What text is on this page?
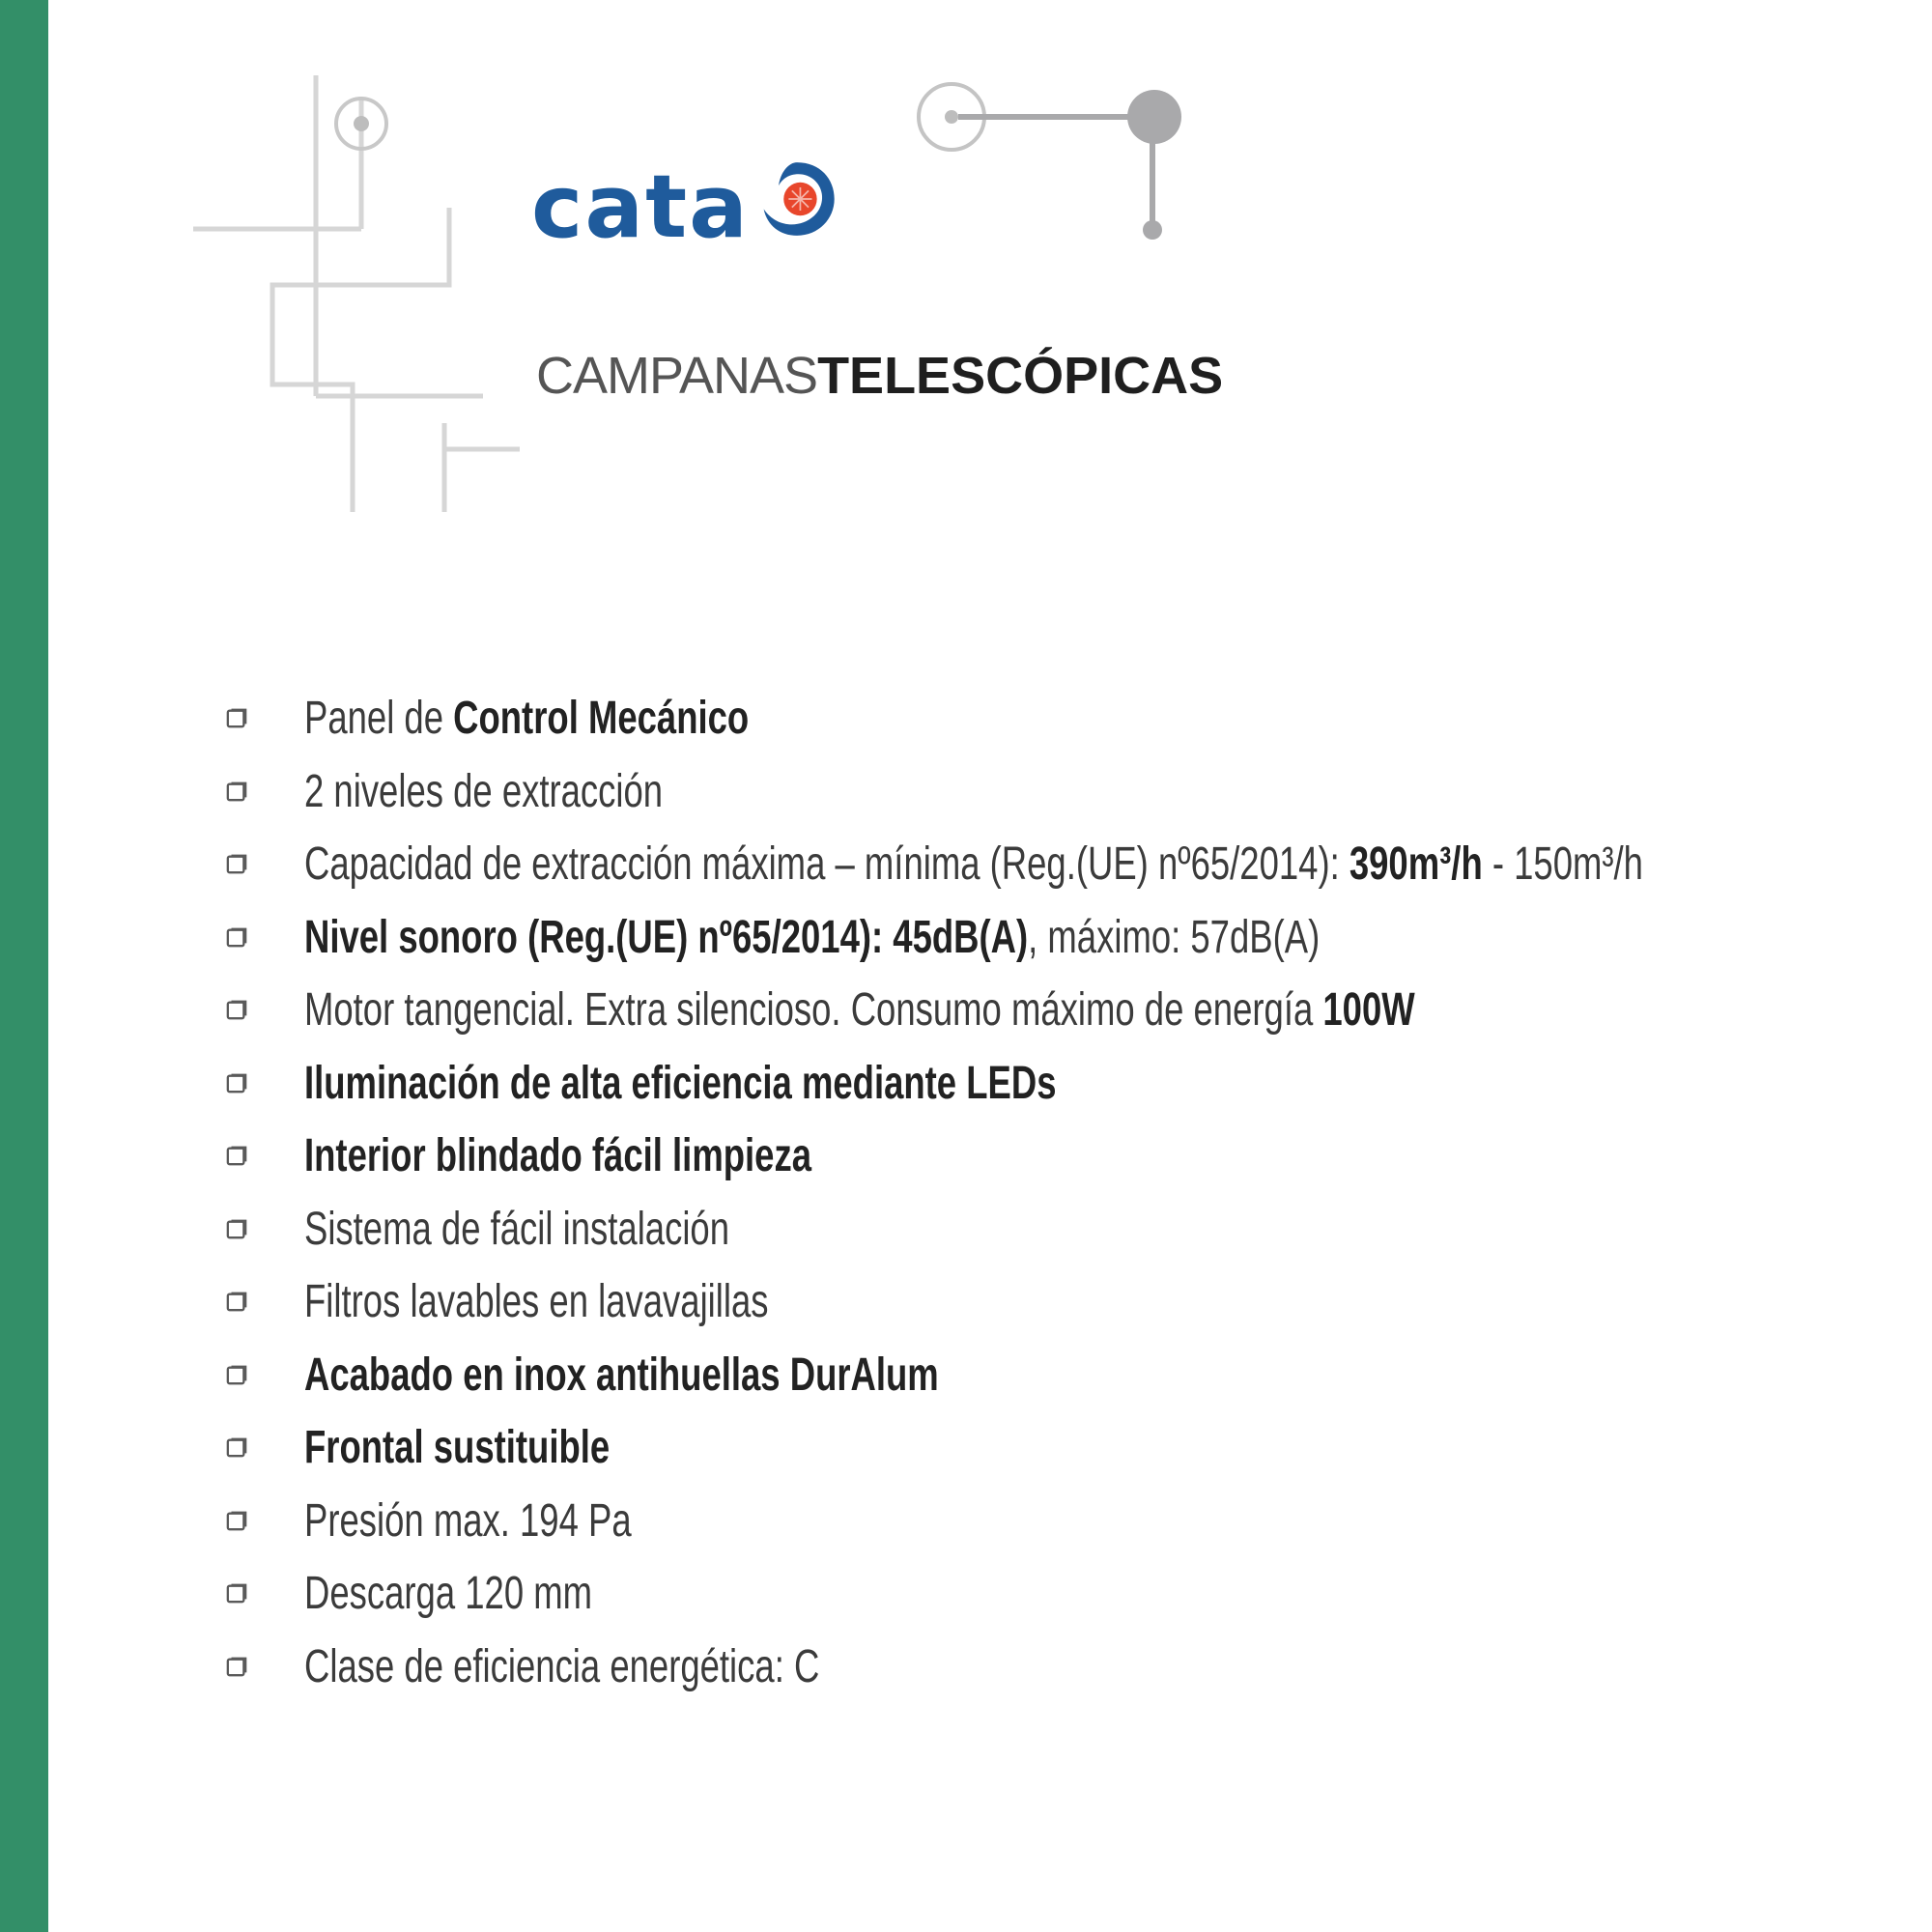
cata
CAMPANASTELESCÓPICAS
Panel de Control Mecánico
2 niveles de extracción
Capacidad de extracción máxima – mínima (Reg.(UE) nº65/2014): 390m³/h - 150m³/h
Nivel sonoro (Reg.(UE) nº65/2014): 45dB(A), máximo: 57dB(A)
Motor tangencial. Extra silencioso. Consumo máximo de energía 100W
Iluminación de alta eficiencia mediante LEDs
Interior blindado fácil limpieza
Sistema de fácil instalación
Filtros lavables en lavavajillas
Acabado en inox antihuellas DurAlum
Frontal sustituible
Presión max. 194 Pa
Descarga 120 mm
Clase de eficiencia energética: C
